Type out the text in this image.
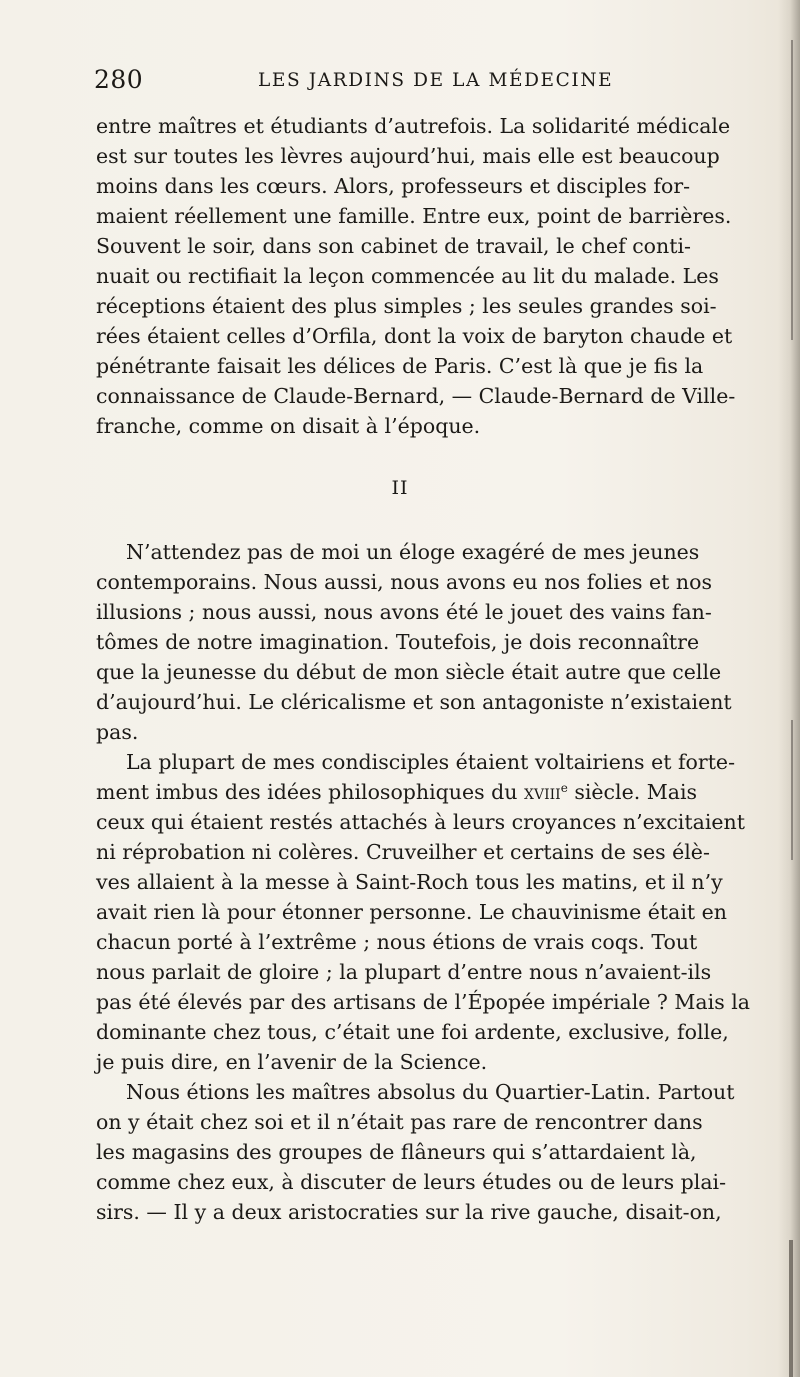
280	LES JARDINS DE LA MÉDECINE
entre maîtres et étudiants d’autrefois. La solidarité médicale
est sur toutes les lèvres aujourd’hui, mais elle est beaucoup
moins dans les cœurs. Alors, professeurs et disciples for-
maient réellement une famille. Entre eux, point de barrières.
Souvent le soir, dans son cabinet de travail, le chef conti-
nuait ou rectifiait la leçon commencée au lit du malade. Les
réceptions étaient des plus simples ; les seules grandes soi-
rées étaient celles d’Orfila, dont la voix de baryton chaude et
pénétrante faisait les délices de Paris. C’est là que je fis la
connaissance de Claude-Bernard, — Claude-Bernard de Ville-
franche, comme on disait à l’époque.
II
N’attendez pas de moi un éloge exagéré de mes jeunes
contemporains. Nous aussi, nous avons eu nos folies et nos
illusions ; nous aussi, nous avons été le jouet des vains fan-
tômes de notre imagination. Toutefois, je dois reconnaître
que la jeunesse du début de mon siècle était autre que celle
d’aujourd’hui. Le cléricalisme et son antagoniste n’existaient
pas.
La plupart de mes condisciples étaient voltairiens et forte-
ment imbus des idées philosophiques du xviii$^e$ siècle. Mais
ceux qui étaient restés attachés à leurs croyances n’excitaient
ni réprobation ni colères. Cruveilher et certains de ses élè-
ves allaient à la messe à Saint-Roch tous les matins, et il n’y
avait rien là pour étonner personne. Le chauvinisme était en
chacun porté à l’extrême ; nous étions de vrais coqs. Tout
nous parlait de gloire ; la plupart d’entre nous n’avaient-ils
pas été élevés par des artisans de l’Épopée impériale ? Mais la
dominante chez tous, c’était une foi ardente, exclusive, folle,
je puis dire, en l’avenir de la Science.
Nous étions les maîtres absolus du Quartier-Latin. Partout
on y était chez soi et il n’était pas rare de rencontrer dans
les magasins des groupes de flâneurs qui s’attardaient là,
comme chez eux, à discuter de leurs études ou de leurs plai-
sirs. — Il y a deux aristocraties sur la rive gauche, disait-on,
